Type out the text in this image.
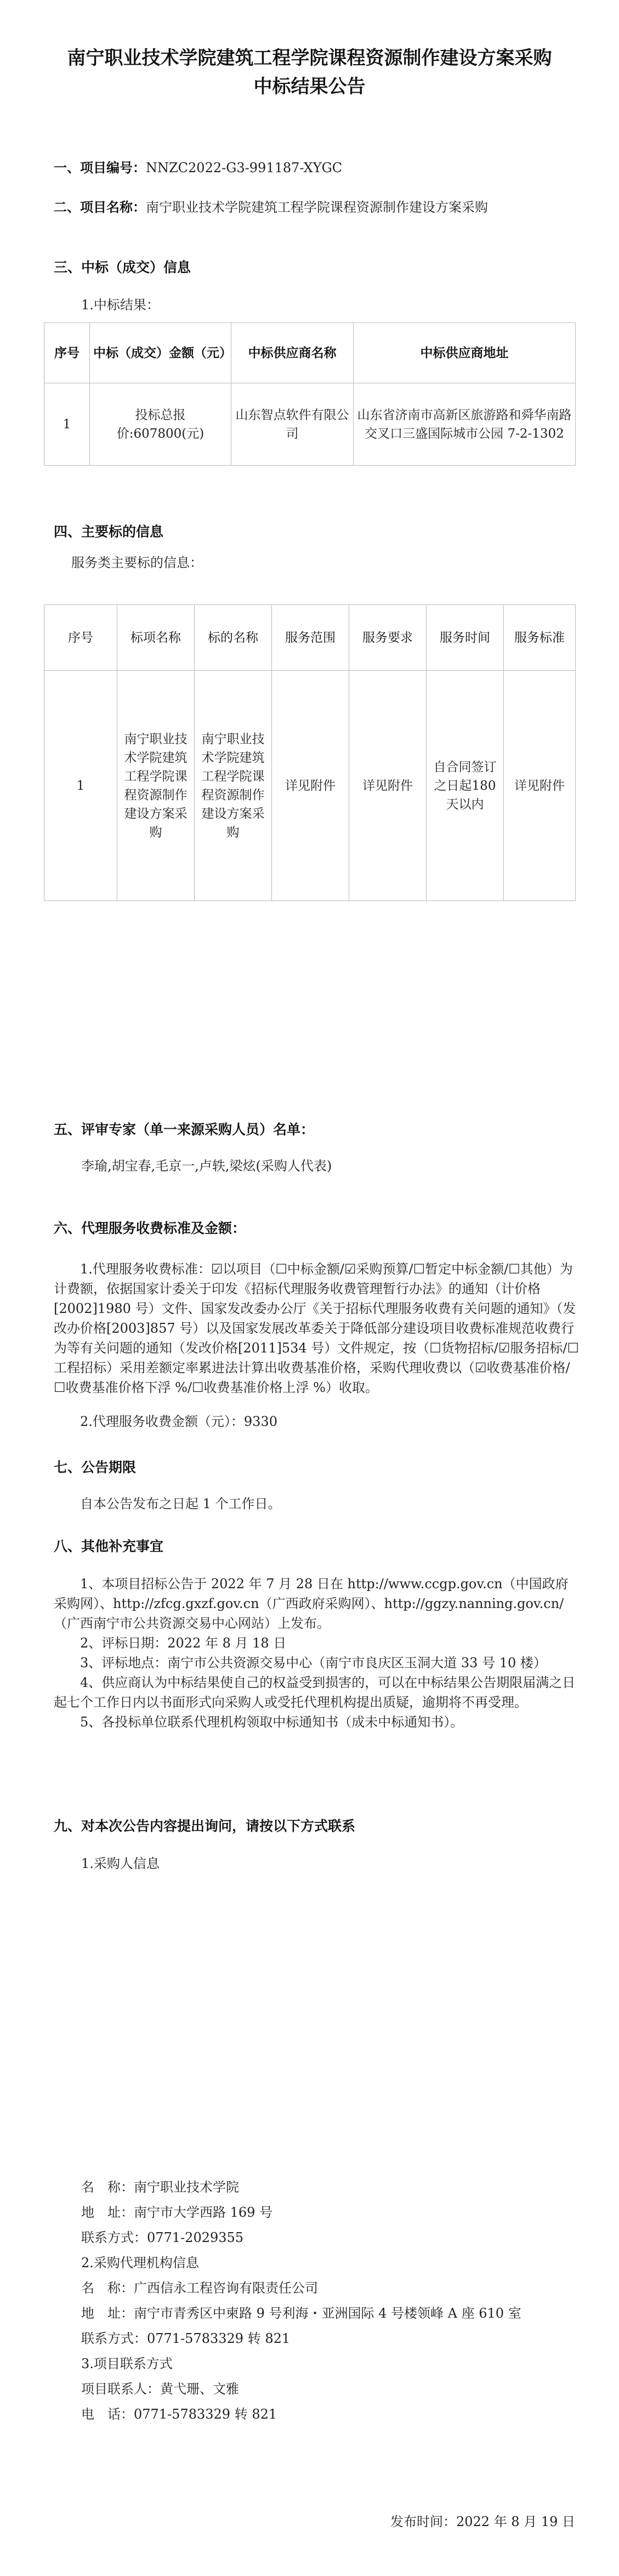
南宁职业技术学院建筑工程学院课程资源制作建设方案采购
中标结果公告
一、项目编号：NNZC2022-G3-991187-XYGC
二、项目名称：南宁职业技术学院建筑工程学院课程资源制作建设方案采购
三、中标（成交）信息
1.中标结果：
序号	中标（成交）金额（元）	中标供应商名称	中标供应商地址
1	投标总报价:607800(元)	山东智点软件有限公司	山东省济南市高新区旅游路和舜华南路交叉口三盛国际城市公园 7-2-1302
四、主要标的信息
服务类主要标的信息：
序号	标项名称	标的名称	服务范围	服务要求	服务时间	服务标准
1	南宁职业技术学院建筑工程学院课程资源制作建设方案采购	南宁职业技术学院建筑工程学院课程资源制作建设方案采购	详见附件	详见附件	自合同签订之日起180 天以内	详见附件
五、评审专家（单一来源采购人员）名单：
李瑜,胡宝春,毛京一,卢轶,梁炫(采购人代表)
六、代理服务收费标准及金额：
1.代理服务收费标准：☑以项目（☐中标金额/☑采购预算/☐暂定中标金额/☐其他）为计费额，依据国家计委关于印发《招标代理服务收费管理暂行办法》的通知（计价格[2002]1980 号）文件、国家发改委办公厅《关于招标代理服务收费有关问题的通知》（发改办价格[2003]857 号）以及国家发展改革委关于降低部分建设项目收费标准规范收费行为等有关问题的通知（发改价格[2011]534 号）文件规定，按（☐货物招标/☑服务招标/☐工程招标）采用差额定率累进法计算出收费基准价格，采购代理收费以（☑收费基准价格/☐收费基准价格下浮 %/☐收费基准价格上浮 %）收取。
2.代理服务收费金额（元）：9330
七、公告期限
自本公告发布之日起 1 个工作日。
八、其他补充事宜
1、本项目招标公告于 2022 年 7 月 28 日在 http://www.ccgp.gov.cn（中国政府采购网）、http://zfcg.gxzf.gov.cn（广西政府采购网）、http://ggzy.nanning.gov.cn/（广西南宁市公共资源交易中心网站）上发布。
2、评标日期：2022 年 8 月 18 日
3、评标地点：南宁市公共资源交易中心（南宁市良庆区玉洞大道 33 号 10 楼）
4、供应商认为中标结果使自己的权益受到损害的，可以在中标结果公告期限届满之日起七个工作日内以书面形式向采购人或受托代理机构提出质疑，逾期将不再受理。
5、各投标单位联系代理机构领取中标通知书（成未中标通知书）。
九、对本次公告内容提出询问，请按以下方式联系
1.采购人信息
名　称：南宁职业技术学院
地　址：南宁市大学西路 169 号
联系方式：0771-2029355
2.采购代理机构信息
名　称：广西信永工程咨询有限责任公司
地　址：南宁市青秀区中柬路 9 号利海・亚洲国际 4 号楼领峰 A 座 610 室
联系方式：0771-5783329 转 821
3.项目联系方式
项目联系人：黄弋珊、文雅
电　话：0771-5783329 转 821
发布时间：2022 年 8 月 19 日
